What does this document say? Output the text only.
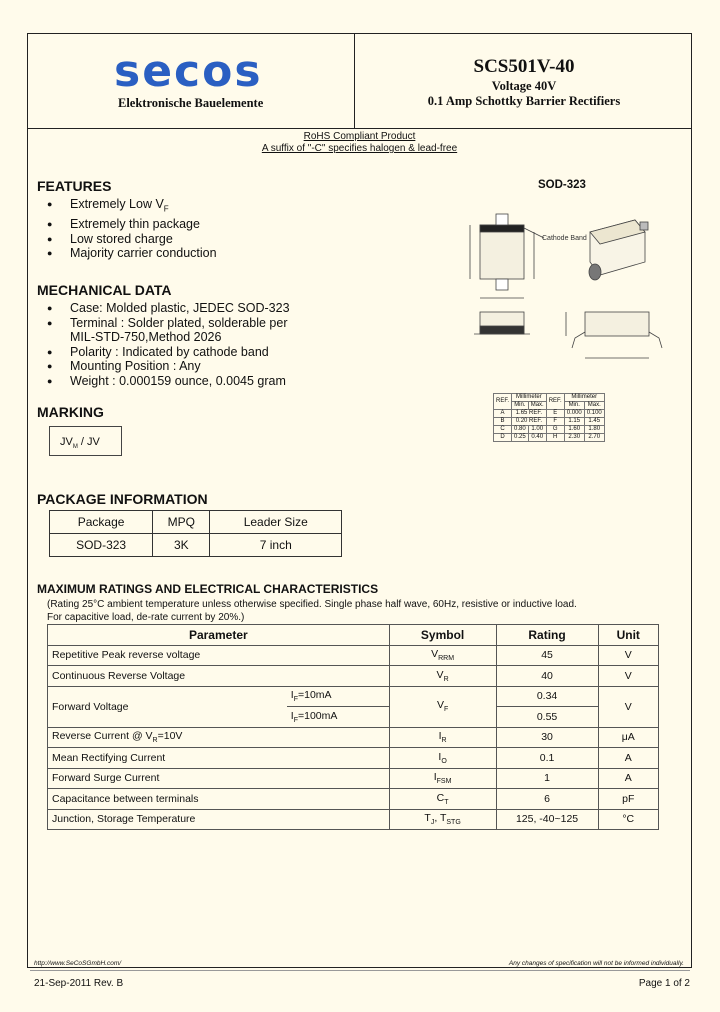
secos
Elektronische Bauelemente
SCS501V-40
Voltage 40V
0.1 Amp Schottky Barrier Rectifiers
RoHS Compliant Product
A suffix of "-C" specifies halogen & lead-free
FEATURES
● Extremely Low $V_F$
● Extremely thin package
● Low stored charge
● Majority carrier conduction
MECHANICAL DATA
● Case: Molded plastic, JEDEC SOD-323
● Terminal : Solder plated, solderable per
MIL-STD-750,Method 2026
● Polarity : Indicated by cathode band
● Mounting Position : Any
● Weight : 0.000159 ounce, 0.0045 gram
MARKING
$JV_M$ / JV
PACKAGE INFORMATION
Package	MPQ	Leader Size
SOD-323	3K	7 inch
SOD-323
Cathode Band
REF.	Millimeter		REF.	Millimeter	
	Min.	Max.		Min.	Max.
A	1.65 REF.		E	0.000	0.100
B	0.20 REF.		F	1.15	1.45
C	0.80	1.00	G	1.60	1.80
D	0.25	0.40	H	2.30	2.70
MAXIMUM RATINGS AND ELECTRICAL CHARACTERISTICS
(Rating 25°C ambient temperature unless otherwise specified. Single phase half wave, 60Hz, resistive or inductive load.
For capacitive load, de-rate current by 20%.)
Parameter		Symbol	Rating	Unit
Repetitive Peak reverse voltage		$V_{RRM}$	45	V
Continuous Reverse Voltage		$V_R$	40	V
Forward Voltage	$I_F=10mA$	$V_F$	0.34	V
	$I_F=100mA$		0.55	
Reverse Current @ $V_R=10V$		$I_R$	30	μA
Mean Rectifying Current		$I_O$	0.1	A
Forward Surge Current		$I_{FSM}$	1	A
Capacitance between terminals		$C_T$	6	pF
Junction, Storage Temperature		$T_J$, $T_{STG}$	125, -40~125	°C
http://www.SeCoSGmbH.com/	Any changes of specification will not be informed individually.
21-Sep-2011 Rev. B	Page 1 of 2
